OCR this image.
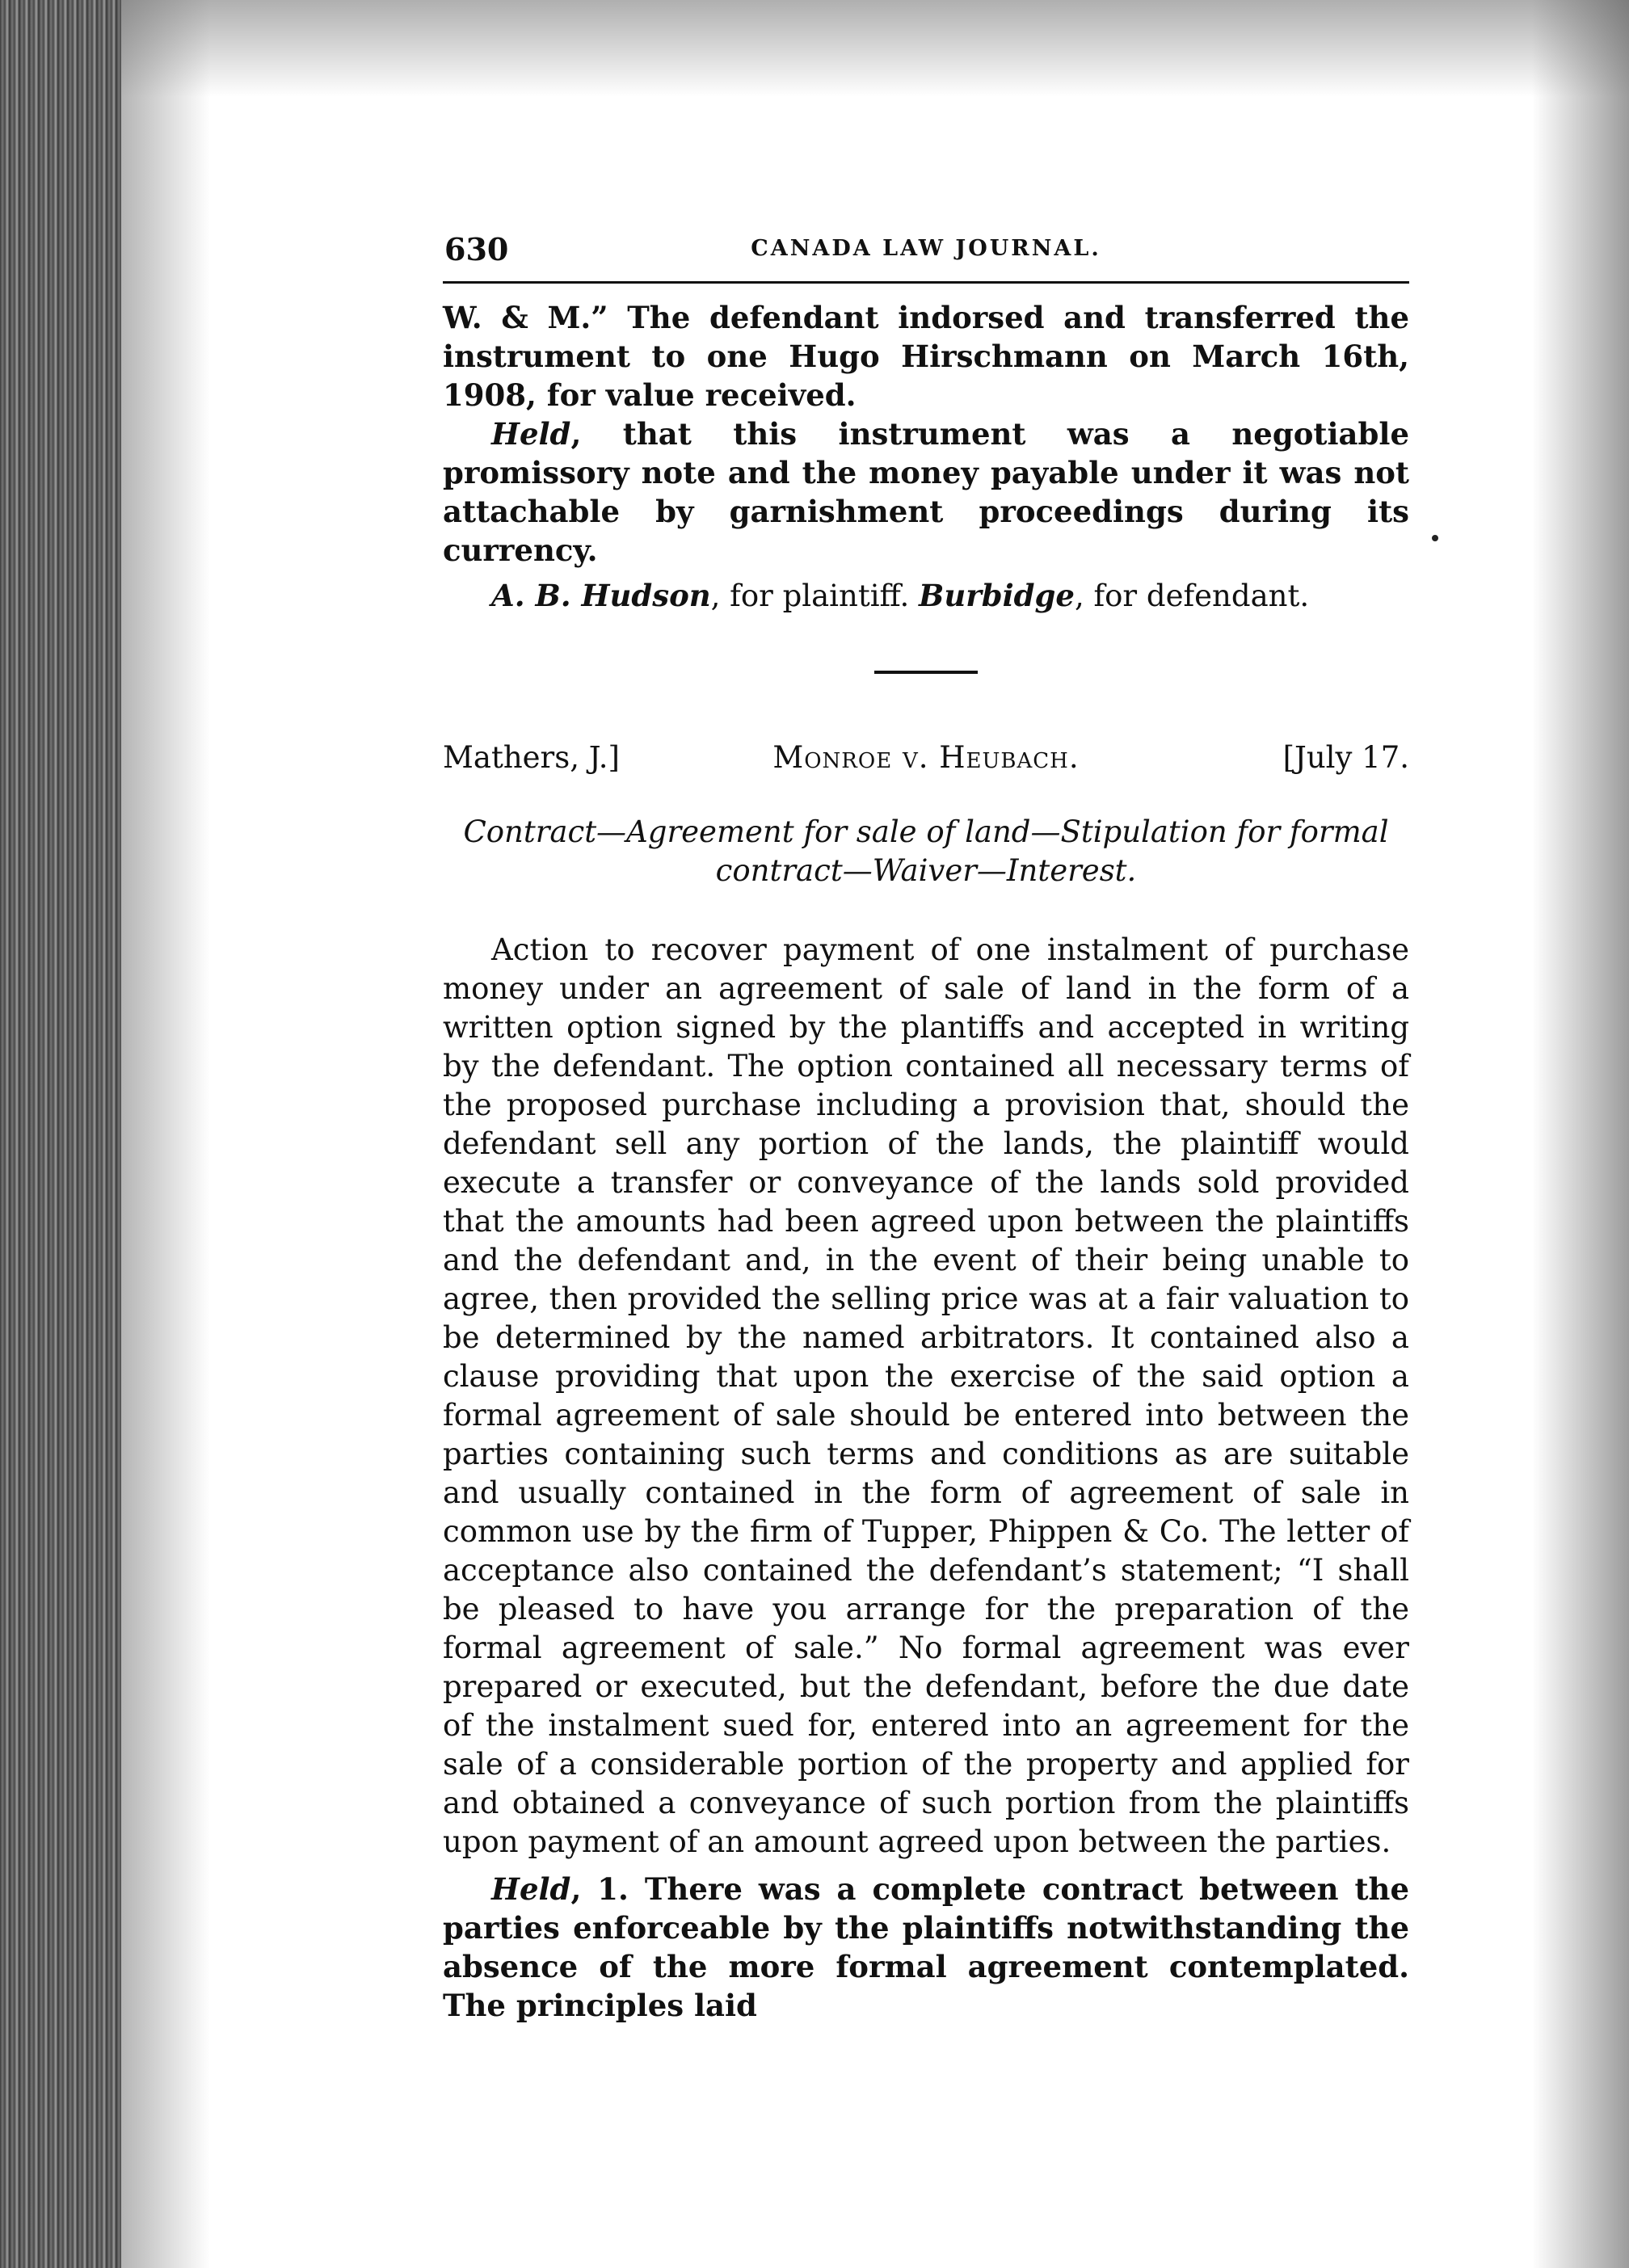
630	CANADA LAW JOURNAL.

W. & M.” The defendant indorsed and transferred the instrument to one Hugo Hirschmann on March 16th, 1908, for value received.

Held, that this instrument was a negotiable promissory note and the money payable under it was not attachable by garnishment proceedings during its currency.

A. B. Hudson, for plaintiff. Burbidge, for defendant.

Mathers, J.]	Monroe v. Heubach.	[July 17.
Contract—Agreement for sale of land—Stipulation for formal contract—Waiver—Interest.

Action to recover payment of one instalment of purchase money under an agreement of sale of land in the form of a written option signed by the plantiffs and accepted in writing by the defendant. The option contained all necessary terms of the proposed purchase including a provision that, should the defendant sell any portion of the lands, the plaintiff would execute a transfer or conveyance of the lands sold provided that the amounts had been agreed upon between the plaintiffs and the defendant and, in the event of their being unable to agree, then provided the selling price was at a fair valuation to be determined by the named arbitrators. It contained also a clause providing that upon the exercise of the said option a formal agreement of sale should be entered into between the parties containing such terms and conditions as are suitable and usually contained in the form of agreement of sale in common use by the firm of Tupper, Phippen & Co. The letter of acceptance also contained the defendant’s statement; “I shall be pleased to have you arrange for the preparation of the formal agreement of sale.” No formal agreement was ever prepared or executed, but the defendant, before the due date of the instalment sued for, entered into an agreement for the sale of a considerable portion of the property and applied for and obtained a conveyance of such portion from the plaintiffs upon payment of an amount agreed upon between the parties.

Held, 1. There was a complete contract between the parties enforceable by the plaintiffs notwithstanding the absence of the more formal agreement contemplated. The principles laid
